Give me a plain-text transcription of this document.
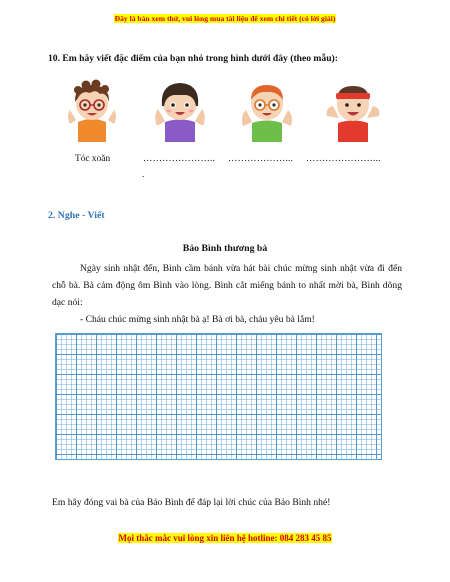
Đây là bản xem thử, vui lòng mua tài liệu để xem chi tiết (có lời giải)
10. Em hãy viết đặc điểm của bạn nhỏ trong hình dưới đây (theo mẫu):
Tóc xoăn	………………….. ………………... …………………...
.
2. Nghe - Viết
Bảo Bình thương bà

Ngày sinh nhật đến, Bình cầm bánh vừa hát bài chúc mừng sinh nhật vừa đi đến chỗ bà. Bà cảm động ôm Bình vào lòng. Bình cắt miếng bánh to nhất mời bà, Bình dõng dạc nói:

- Cháu chúc mừng sinh nhật bà ạ! Bà ơi bà, cháu yêu bà lắm!

Em hãy đóng vai bà của Bảo Bình để đáp lại lời chúc của Bảo Bình nhé!
Mọi thắc mắc vui lòng xin liên hệ hotline: 084 283 45 85
